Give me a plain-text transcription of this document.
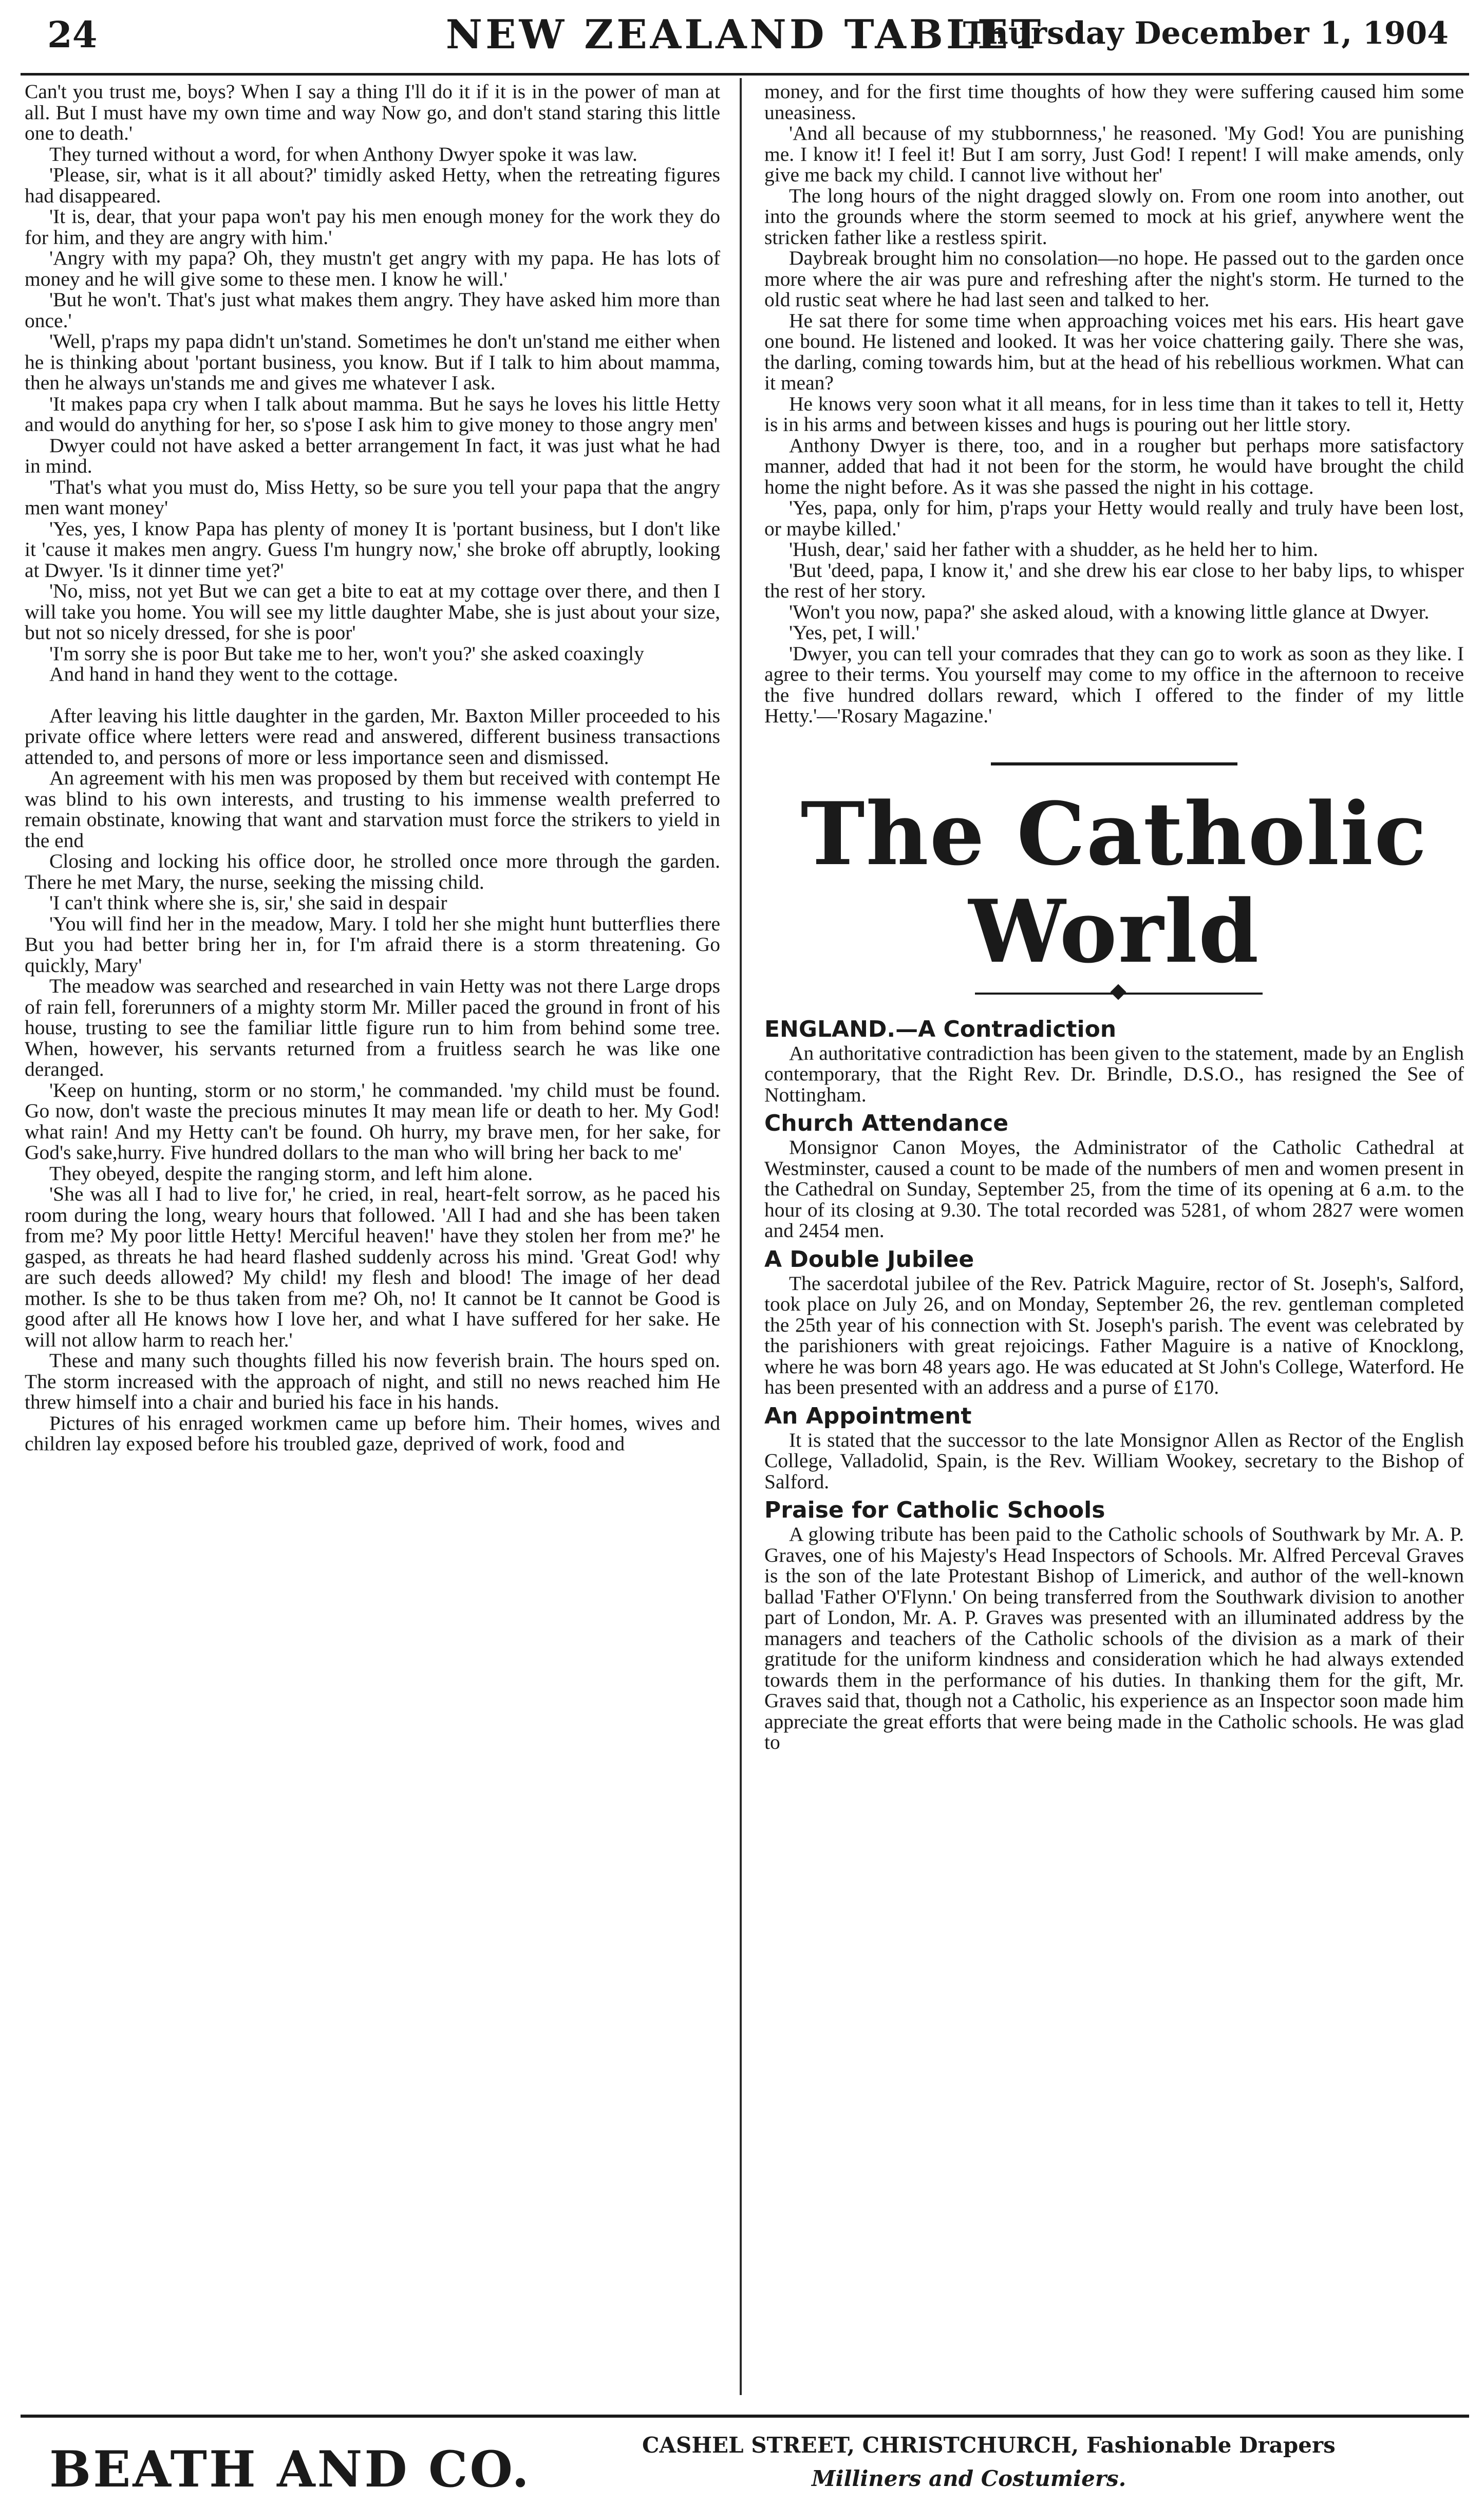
24	NEW ZEALAND TABLET
Thursday December 1, 1904

Can't you trust me, boys? When I say a thing I'll do it if it is in the power of man at all. But I must have my own time and way Now go, and don't stand staring this little one to death.'

They turned without a word, for when Anthony Dwyer spoke it was law.

'Please, sir, what is it all about?' timidly asked Hetty, when the retreating figures had disappeared.

'It is, dear, that your papa won't pay his men enough money for the work they do for him, and they are angry with him.'

'Angry with my papa? Oh, they mustn't get angry with my papa. He has lots of money and he will give some to these men. I know he will.'

'But he won't. That's just what makes them angry. They have asked him more than once.'

'Well, p'raps my papa didn't un'stand. Sometimes he don't un'stand me either when he is thinking about 'portant business, you know. But if I talk to him about mamma, then he always un'stands me and gives me whatever I ask.

'It makes papa cry when I talk about mamma. But he says he loves his little Hetty and would do anything for her, so s'pose I ask him to give money to those angry men'

Dwyer could not have asked a better arrangement In fact, it was just what he had in mind.

'That's what you must do, Miss Hetty, so be sure you tell your papa that the angry men want money'

'Yes, yes, I know Papa has plenty of money It is 'portant business, but I don't like it 'cause it makes men angry. Guess I'm hungry now,' she broke off abruptly, looking at Dwyer. 'Is it dinner time yet?'

'No, miss, not yet But we can get a bite to eat at my cottage over there, and then I will take you home. You will see my little daughter Mabe, she is just about your size, but not so nicely dressed, for she is poor'

'I'm sorry she is poor But take me to her, won't you?' she asked coaxingly

And hand in hand they went to the cottage.

After leaving his little daughter in the garden, Mr. Baxton Miller proceeded to his private office where letters were read and answered, different business transactions attended to, and persons of more or less importance seen and dismissed.

An agreement with his men was proposed by them but received with contempt He was blind to his own interests, and trusting to his immense wealth preferred to remain obstinate, knowing that want and starvation must force the strikers to yield in the end

Closing and locking his office door, he strolled once more through the garden. There he met Mary, the nurse, seeking the missing child.

'I can't think where she is, sir,' she said in despair

'You will find her in the meadow, Mary. I told her she might hunt butterflies there But you had better bring her in, for I'm afraid there is a storm threatening. Go quickly, Mary'

The meadow was searched and researched in vain Hetty was not there Large drops of rain fell, forerunners of a mighty storm Mr. Miller paced the ground in front of his house, trusting to see the familiar little figure run to him from behind some tree. When, however, his servants returned from a fruitless search he was like one deranged.

'Keep on hunting, storm or no storm,' he commanded. 'my child must be found. Go now, don't waste the precious minutes It may mean life or death to her. My God! what rain! And my Hetty can't be found. Oh hurry, my brave men, for her sake, for God's sake,hurry. Five hundred dollars to the man who will bring her back to me'

They obeyed, despite the ranging storm, and left him alone.

'She was all I had to live for,' he cried, in real, heart-felt sorrow, as he paced his room during the long, weary hours that followed. 'All I had and she has been taken from me? My poor little Hetty! Merciful heaven!' have they stolen her from me?' he gasped, as threats he had heard flashed suddenly across his mind. 'Great God! why are such deeds allowed? My child! my flesh and blood! The image of her dead mother. Is she to be thus taken from me? Oh, no! It cannot be It cannot be Good is good after all He knows how I love her, and what I have suffered for her sake. He will not allow harm to reach her.'

These and many such thoughts filled his now feverish brain. The hours sped on. The storm increased with the approach of night, and still no news reached him He threw himself into a chair and buried his face in his hands.

Pictures of his enraged workmen came up before him. Their homes, wives and children lay exposed before his troubled gaze, deprived of work, food and

money, and for the first time thoughts of how they were suffering caused him some uneasiness.

'And all because of my stubbornness,' he reasoned. 'My God! You are punishing me. I know it! I feel it! But I am sorry, Just God! I repent! I will make amends, only give me back my child. I cannot live without her'

The long hours of the night dragged slowly on. From one room into another, out into the grounds where the storm seemed to mock at his grief, anywhere went the stricken father like a restless spirit.

Daybreak brought him no consolation—no hope. He passed out to the garden once more where the air was pure and refreshing after the night's storm. He turned to the old rustic seat where he had last seen and talked to her.

He sat there for some time when approaching voices met his ears. His heart gave one bound. He listened and looked. It was her voice chattering gaily. There she was, the darling, coming towards him, but at the head of his rebellious workmen. What can it mean?

He knows very soon what it all means, for in less time than it takes to tell it, Hetty is in his arms and between kisses and hugs is pouring out her little story.

Anthony Dwyer is there, too, and in a rougher but perhaps more satisfactory manner, added that had it not been for the storm, he would have brought the child home the night before. As it was she passed the night in his cottage.

'Yes, papa, only for him, p'raps your Hetty would really and truly have been lost, or maybe killed.'

'Hush, dear,' said her father with a shudder, as he held her to him.

'But 'deed, papa, I know it,' and she drew his ear close to her baby lips, to whisper the rest of her story.

'Won't you now, papa?' she asked aloud, with a knowing little glance at Dwyer.

'Yes, pet, I will.'

'Dwyer, you can tell your comrades that they can go to work as soon as they like. I agree to their terms. You yourself may come to my office in the afternoon to receive the five hundred dollars reward, which I offered to the finder of my little Hetty.'—'Rosary Magazine.'

The Catholic World
ENGLAND.—A Contradiction

An authoritative contradiction has been given to the statement, made by an English contemporary, that the Right Rev. Dr. Brindle, D.S.O., has resigned the See of Nottingham.

Church Attendance

Monsignor Canon Moyes, the Administrator of the Catholic Cathedral at Westminster, caused a count to be made of the numbers of men and women present in the Cathedral on Sunday, September 25, from the time of its opening at 6 a.m. to the hour of its closing at 9.30. The total recorded was 5281, of whom 2827 were women and 2454 men.

A Double Jubilee

The sacerdotal jubilee of the Rev. Patrick Maguire, rector of St. Joseph's, Salford, took place on July 26, and on Monday, September 26, the rev. gentleman completed the 25th year of his connection with St. Joseph's parish. The event was celebrated by the parishioners with great rejoicings. Father Maguire is a native of Knocklong, where he was born 48 years ago. He was educated at St John's College, Waterford. He has been presented with an address and a purse of £170.

An Appointment

It is stated that the successor to the late Monsignor Allen as Rector of the English College, Valladolid, Spain, is the Rev. William Wookey, secretary to the Bishop of Salford.

Praise for Catholic Schools

A glowing tribute has been paid to the Catholic schools of Southwark by Mr. A. P. Graves, one of his Majesty's Head Inspectors of Schools. Mr. Alfred Perceval Graves is the son of the late Protestant Bishop of Limerick, and author of the well-known ballad 'Father O'Flynn.' On being transferred from the Southwark division to another part of London, Mr. A. P. Graves was presented with an illuminated address by the managers and teachers of the Catholic schools of the division as a mark of their gratitude for the uniform kindness and consideration which he had always extended towards them in the performance of his duties. In thanking them for the gift, Mr. Graves said that, though not a Catholic, his experience as an Inspector soon made him appreciate the great efforts that were being made in the Catholic schools. He was glad to

BEATH AND CO.	CASHEL STREET, CHRISTCHURCH, Fashionable Drapers
Milliners and Costumiers.
